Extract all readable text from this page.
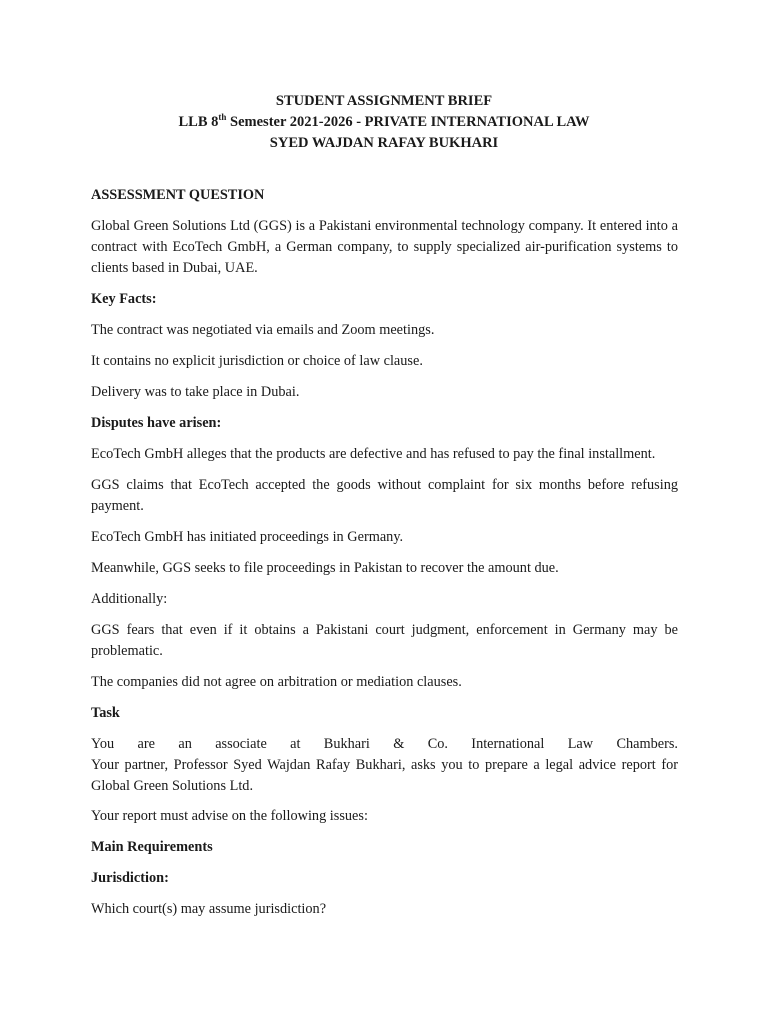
STUDENT ASSIGNMENT BRIEF
LLB 8th Semester 2021-2026 - PRIVATE INTERNATIONAL LAW
SYED WAJDAN RAFAY BUKHARI

ASSESSMENT QUESTION

Global Green Solutions Ltd (GGS) is a Pakistani environmental technology company. It entered into a contract with EcoTech GmbH, a German company, to supply specialized air-purification systems to clients based in Dubai, UAE.

Key Facts:

The contract was negotiated via emails and Zoom meetings.

It contains no explicit jurisdiction or choice of law clause.

Delivery was to take place in Dubai.

Disputes have arisen:

EcoTech GmbH alleges that the products are defective and has refused to pay the final installment.

GGS claims that EcoTech accepted the goods without complaint for six months before refusing payment.

EcoTech GmbH has initiated proceedings in Germany.

Meanwhile, GGS seeks to file proceedings in Pakistan to recover the amount due.

Additionally:

GGS fears that even if it obtains a Pakistani court judgment, enforcement in Germany may be problematic.

The companies did not agree on arbitration or mediation clauses.

Task

You are an associate at Bukhari & Co. International Law Chambers.

Your partner, Professor Syed Wajdan Rafay Bukhari, asks you to prepare a legal advice report for Global Green Solutions Ltd.

Your report must advise on the following issues:

Main Requirements

Jurisdiction:

Which court(s) may assume jurisdiction?
